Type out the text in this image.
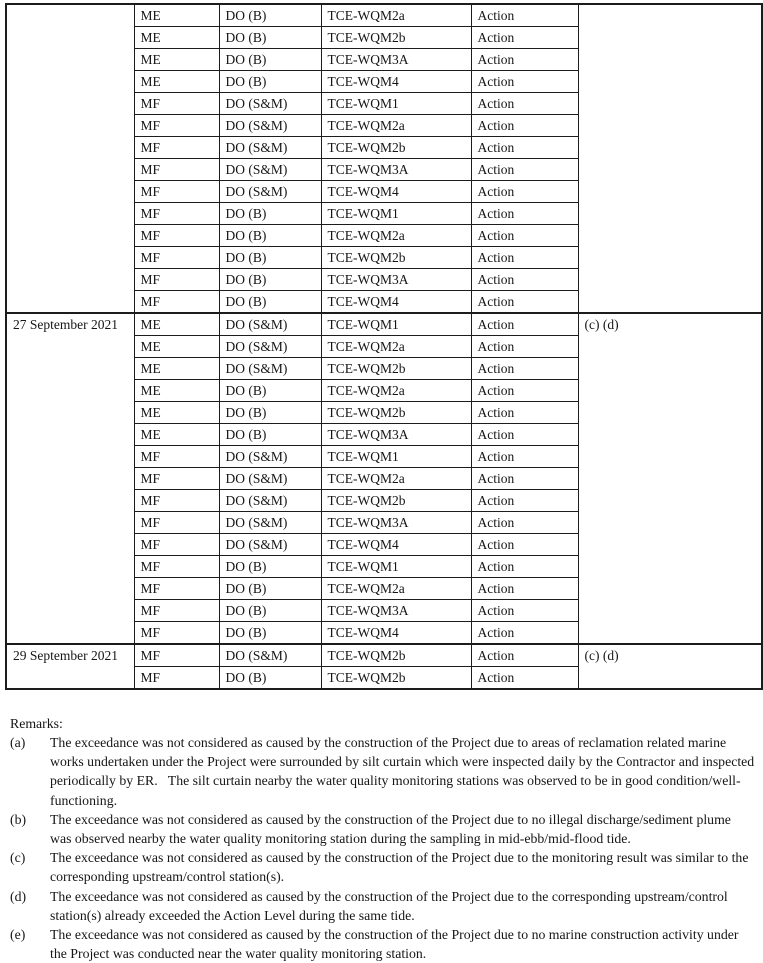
	ME	DO (B)	TCE-WQM2a	Action	
	ME	DO (B)	TCE-WQM2b	Action	
	ME	DO (B)	TCE-WQM3A	Action	
	ME	DO (B)	TCE-WQM4	Action	
	MF	DO (S&M)	TCE-WQM1	Action	
	MF	DO (S&M)	TCE-WQM2a	Action	
	MF	DO (S&M)	TCE-WQM2b	Action	
	MF	DO (S&M)	TCE-WQM3A	Action	
	MF	DO (S&M)	TCE-WQM4	Action	
	MF	DO (B)	TCE-WQM1	Action	
	MF	DO (B)	TCE-WQM2a	Action	
	MF	DO (B)	TCE-WQM2b	Action	
	MF	DO (B)	TCE-WQM3A	Action	
	MF	DO (B)	TCE-WQM4	Action	
27 September 2021	ME	DO (S&M)	TCE-WQM1	Action	(c) (d)
	ME	DO (S&M)	TCE-WQM2a	Action	
	ME	DO (S&M)	TCE-WQM2b	Action	
	ME	DO (B)	TCE-WQM2a	Action	
	ME	DO (B)	TCE-WQM2b	Action	
	ME	DO (B)	TCE-WQM3A	Action	
	MF	DO (S&M)	TCE-WQM1	Action	
	MF	DO (S&M)	TCE-WQM2a	Action	
	MF	DO (S&M)	TCE-WQM2b	Action	
	MF	DO (S&M)	TCE-WQM3A	Action	
	MF	DO (S&M)	TCE-WQM4	Action	
	MF	DO (B)	TCE-WQM1	Action	
	MF	DO (B)	TCE-WQM2a	Action	
	MF	DO (B)	TCE-WQM3A	Action	
	MF	DO (B)	TCE-WQM4	Action	
29 September 2021	MF	DO (S&M)	TCE-WQM2b	Action	(c) (d)
	MF	DO (B)	TCE-WQM2b	Action	
Remarks:
(a)	The exceedance was not considered as caused by the construction of the Project due to areas of reclamation related marine works undertaken under the Project were surrounded by silt curtain which were inspected daily by the Contractor and inspected periodically by ER.   The silt curtain nearby the water quality monitoring stations was observed to be in good condition/well-functioning.
(b)	The exceedance was not considered as caused by the construction of the Project due to no illegal discharge/sediment plume was observed nearby the water quality monitoring station during the sampling in mid-ebb/mid-flood tide.
(c)	The exceedance was not considered as caused by the construction of the Project due to the monitoring result was similar to the corresponding upstream/control station(s).
(d)	The exceedance was not considered as caused by the construction of the Project due to the corresponding upstream/control station(s) already exceeded the Action Level during the same tide.
(e)	The exceedance was not considered as caused by the construction of the Project due to no marine construction activity under the Project was conducted near the water quality monitoring station.
